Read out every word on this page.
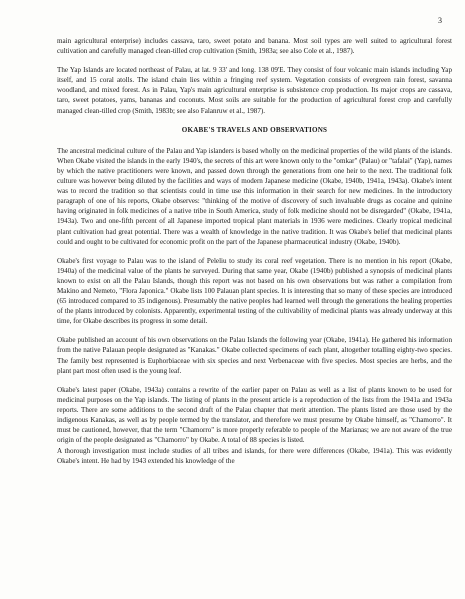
3

main agricultural enterprise) includes cassava, taro, sweet potato and banana. Most soil types are well suited to agricultural forest cultivation and carefully managed clean-tilled crop cultivation (Smith, 1983a; see also Cole et al., 1987).

The Yap Islands are located northeast of Palau, at lat. 9 33' and long. 138 09'E. They consist of four volcanic main islands including Yap itself, and 15 coral atolls. The island chain lies within a fringing reef system. Vegetation consists of evergreen rain forest, savanna woodland, and mixed forest. As in Palau, Yap's main agricultural enterprise is subsistence crop production. Its major crops are cassava, taro, sweet potatoes, yams, bananas and coconuts. Most soils are suitable for the production of agricultural forest crop and carefully managed clean-tilled crop (Smith, 1983b; see also Falanruw et al., 1987).

OKABE'S TRAVELS AND OBSERVATIONS

The ancestral medicinal culture of the Palau and Yap islanders is based wholly on the medicinal properties of the wild plants of the islands. When Okabe visited the islands in the early 1940's, the secrets of this art were known only to the "omkar" (Palau) or "tafalai" (Yap), names by which the native practitioners were known, and passed down through the generations from one heir to the next. The traditional folk culture was however being diluted by the facilities and ways of modern Japanese medicine (Okabe, 1940b, 1941a, 1943a). Okabe's intent was to record the tradition so that scientists could in time use this information in their search for new medicines. In the introductory paragraph of one of his reports, Okabe observes: "thinking of the motive of discovery of such invaluable drugs as cocaine and quinine having originated in folk medicines of a native tribe in South America, study of folk medicine should not be disregarded" (Okabe, 1941a, 1943a). Two and one-fifth percent of all Japanese imported tropical plant materials in 1936 were medicines. Clearly tropical medicinal plant cultivation had great potential. There was a wealth of knowledge in the native tradition. It was Okabe's belief that medicinal plants could and ought to be cultivated for economic profit on the part of the Japanese pharmaceutical industry (Okabe, 1940b).

Okabe's first voyage to Palau was to the island of Peleliu to study its coral reef vegetation. There is no mention in his report (Okabe, 1940a) of the medicinal value of the plants he surveyed. During that same year, Okabe (1940b) published a synopsis of medicinal plants known to exist on all the Palau Islands, though this report was not based on his own observations but was rather a compilation from Makino and Nemeto, "Flora Japonica." Okabe lists 100 Palauan plant species. It is interesting that so many of these species are introduced (65 introduced compared to 35 indigenous). Presumably the native peoples had learned well through the generations the healing properties of the plants introduced by colonists. Apparently, experimental testing of the cultivability of medicinal plants was already underway at this time, for Okabe describes its progress in some detail.

Okabe published an account of his own observations on the Palau Islands the following year (Okabe, 1941a). He gathered his information from the native Palauan people designated as "Kanakas." Okabe collected specimens of each plant, altogether totalling eighty-two species. The family best represented is Euphorbiaceae with six species and next Verbenaceae with five species. Most species are herbs, and the plant part most often used is the young leaf.

Okabe's latest paper (Okabe, 1943a) contains a rewrite of the earlier paper on Palau as well as a list of plants known to be used for medicinal purposes on the Yap islands. The listing of plants in the present article is a reproduction of the lists from the 1941a and 1943a reports. There are some additions to the second draft of the Palau chapter that merit attention. The plants listed are those used by the indigenous Kanakas, as well as by people termed by the translator, and therefore we must presume by Okabe himself, as "Chamorro". It must be cautioned, however, that the term "Chamorro" is more properly referable to people of the Marianas; we are not aware of the true origin of the people designated as "Chamorro" by Okabe. A total of 88 species is listed.

A thorough investigation must include studies of all tribes and islands, for there were differences (Okabe, 1941a). This was evidently Okabe's intent. He had by 1943 extended his knowledge of the
